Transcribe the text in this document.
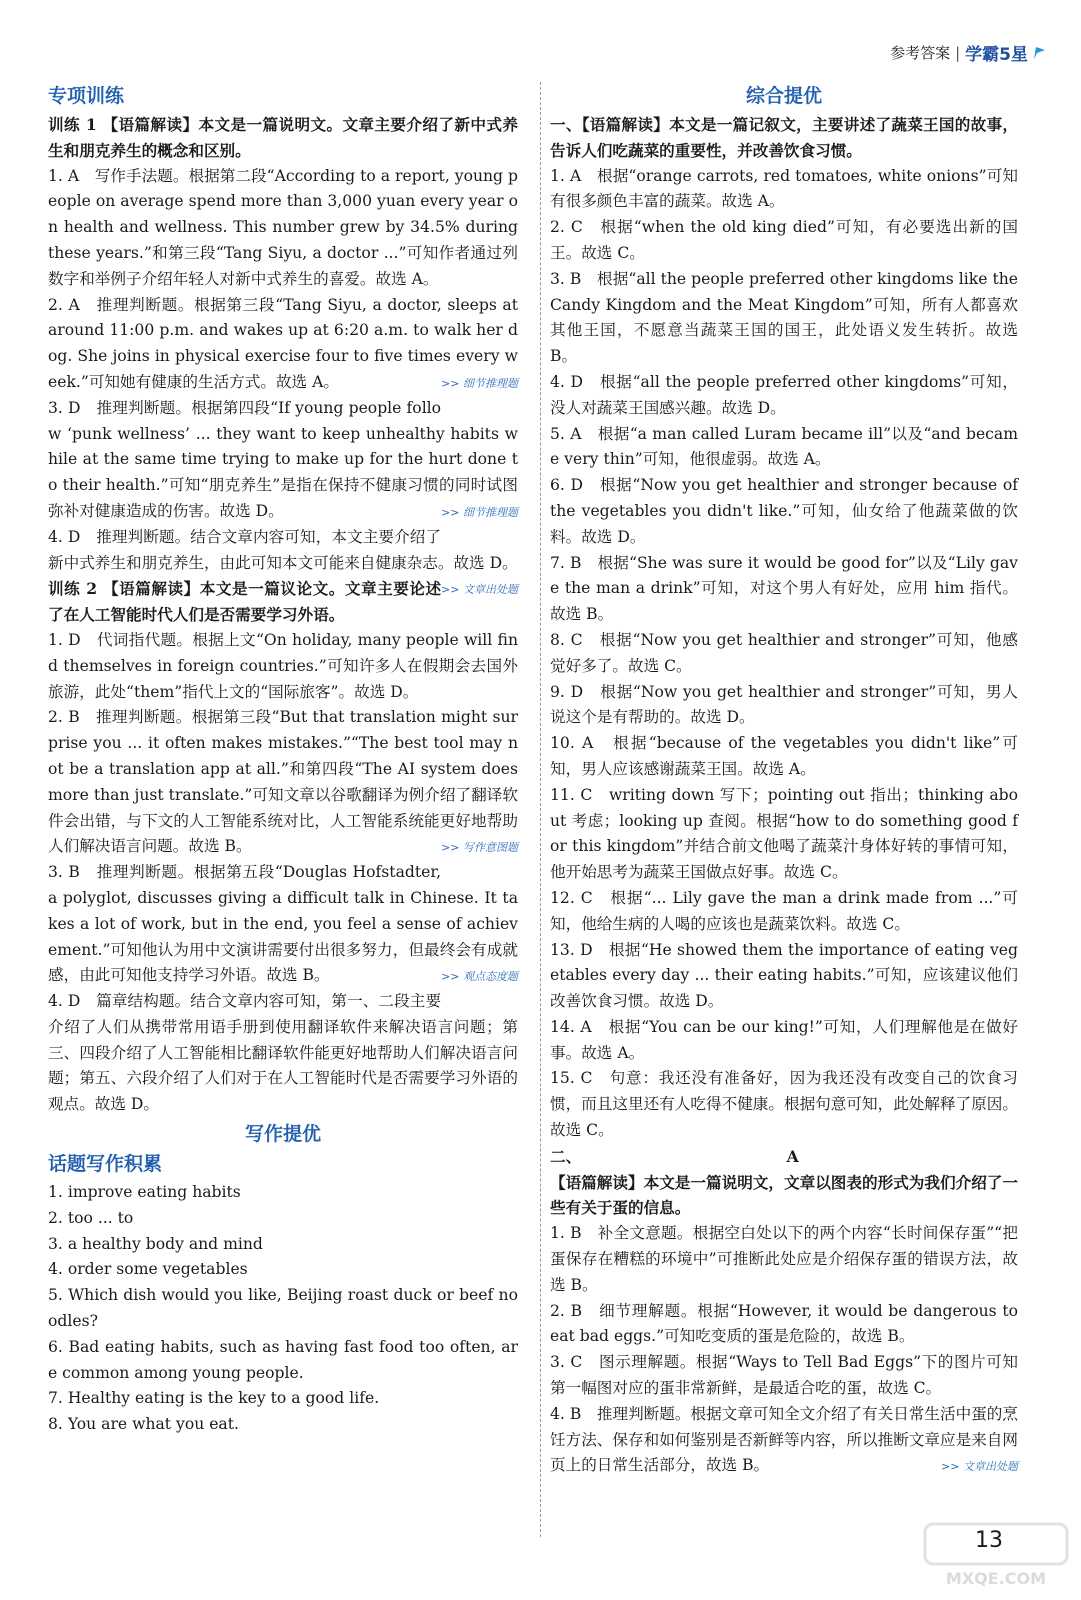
参考答案 | 学霸5星
专项训练

训练 1 【语篇解读】本文是一篇说明文。文章主要介绍了新中式养生和朋克养生的概念和区别。

1. A　写作手法题。根据第二段“According to a report, young people on average spend more than 3,000 yuan every year on health and wellness. This number grew by 34.5% during these years.”和第三段“Tang Siyu, a doctor ...”可知作者通过列数字和举例子介绍年轻人对新中式养生的喜爱。故选 A。

2. A　推理判断题。根据第三段“Tang Siyu, a doctor, sleeps at around 11:00 p.m. and wakes up at 6:20 a.m. to walk her dog. She joins in physical exercise four to five times every week.”可知她有健康的生活方式。故选 A。	>> 细节推理题

3. D　推理判断题。根据第四段“If young people follow ‘punk wellness’ ... they want to keep unhealthy habits while at the same time trying to make up for the hurt done to their health.”可知“朋克养生”是指在保持不健康习惯的同时试图弥补对健康造成的伤害。故选 D。	>> 细节推理题

4. D　推理判断题。结合文章内容可知，本文主要介绍了新中式养生和朋克养生，由此可知本文可能来自健康杂志。故选 D。
>> 文章出处题

训练 2 【语篇解读】本文是一篇议论文。文章主要论述了在人工智能时代人们是否需要学习外语。

1. D　代词指代题。根据上文“On holiday, many people will find themselves in foreign countries.”可知许多人在假期会去国外旅游，此处“them”指代上文的“国际旅客”。故选 D。

2. B　推理判断题。根据第三段“But that translation might surprise you ... it often makes mistakes.”“The best tool may not be a translation app at all.”和第四段“The AI system does more than just translate.”可知文章以谷歌翻译为例介绍了翻译软件会出错，与下文的人工智能系统对比，人工智能系统能更好地帮助人们解决语言问题。故选 B。	>> 写作意图题

3. B　推理判断题。根据第五段“Douglas Hofstadter, a polyglot, discusses giving a difficult talk in Chinese. It takes a lot of work, but in the end, you feel a sense of achievement.”可知他认为用中文演讲需要付出很多努力，但最终会有成就感，由此可知他支持学习外语。故选 B。	>> 观点态度题

4. D　篇章结构题。结合文章内容可知，第一、二段主要介绍了人们从携带常用语手册到使用翻译软件来解决语言问题；第三、四段介绍了人工智能相比翻译软件能更好地帮助人们解决语言问题；第五、六段介绍了人们对于在人工智能时代是否需要学习外语的观点。故选 D。

写作提优
话题写作积累

1. improve eating habits

2. too ... to

3. a healthy body and mind

4. order some vegetables

5. Which dish would you like, Beijing roast duck or beef noodles?

6. Bad eating habits, such as having fast food too often, are common among young people.

7. Healthy eating is the key to a good life.

8. You are what you eat.

综合提优

一、【语篇解读】本文是一篇记叙文，主要讲述了蔬菜王国的故事，告诉人们吃蔬菜的重要性，并改善饮食习惯。

1. A　根据“orange carrots, red tomatoes, white onions”可知有很多颜色丰富的蔬菜。故选 A。

2. C　根据“when the old king died”可知，有必要选出新的国王。故选 C。

3. B　根据“all the people preferred other kingdoms like the Candy Kingdom and the Meat Kingdom”可知，所有人都喜欢其他王国，不愿意当蔬菜王国的国王，此处语义发生转折。故选 B。

4. D　根据“all the people preferred other kingdoms”可知，没人对蔬菜王国感兴趣。故选 D。

5. A　根据“a man called Luram became ill”以及“and became very thin”可知，他很虚弱。故选 A。

6. D　根据“Now you get healthier and stronger because of the vegetables you didn't like.”可知，仙女给了他蔬菜做的饮料。故选 D。

7. B　根据“She was sure it would be good for”以及“Lily gave the man a drink”可知，对这个男人有好处，应用 him 指代。故选 B。

8. C　根据“Now you get healthier and stronger”可知，他感觉好多了。故选 C。

9. D　根据“Now you get healthier and stronger”可知，男人说这个是有帮助的。故选 D。

10. A　根据“because of the vegetables you didn't like”可知，男人应该感谢蔬菜王国。故选 A。

11. C　writing down 写下；pointing out 指出；thinking about 考虑；looking up 查阅。根据“how to do something good for this kingdom”并结合前文他喝了蔬菜汁身体好转的事情可知，他开始思考为蔬菜王国做点好事。故选 C。

12. C　根据“... Lily gave the man a drink made from ...”可知，他给生病的人喝的应该也是蔬菜饮料。故选 C。

13. D　根据“He showed them the importance of eating vegetables every day ... their eating habits.”可知，应该建议他们改善饮食习惯。故选 D。

14. A　根据“You can be our king!”可知，人们理解他是在做好事。故选 A。

15. C　句意：我还没有准备好，因为我还没有改变自己的饮食习惯，而且这里还有人吃得不健康。根据句意可知，此处解释了原因。故选 C。

二、	A

【语篇解读】本文是一篇说明文，文章以图表的形式为我们介绍了一些有关于蛋的信息。

1. B　补全文意题。根据空白处以下的两个内容“长时间保存蛋”“把蛋保存在糟糕的环境中”可推断此处应是介绍保存蛋的错误方法，故选 B。

2. B　细节理解题。根据“However, it would be dangerous to eat bad eggs.”可知吃变质的蛋是危险的，故选 B。

3. C　图示理解题。根据“Ways to Tell Bad Eggs”下的图片可知第一幅图对应的蛋非常新鲜，是最适合吃的蛋，故选 C。

4. B　推理判断题。根据文章可知全文介绍了有关日常生活中蛋的烹饪方法、保存和如何鉴别是否新鲜等内容，所以推断文章应是来自网页上的日常生活部分，故选 B。	>> 文章出处题

13
MXQE.COM
